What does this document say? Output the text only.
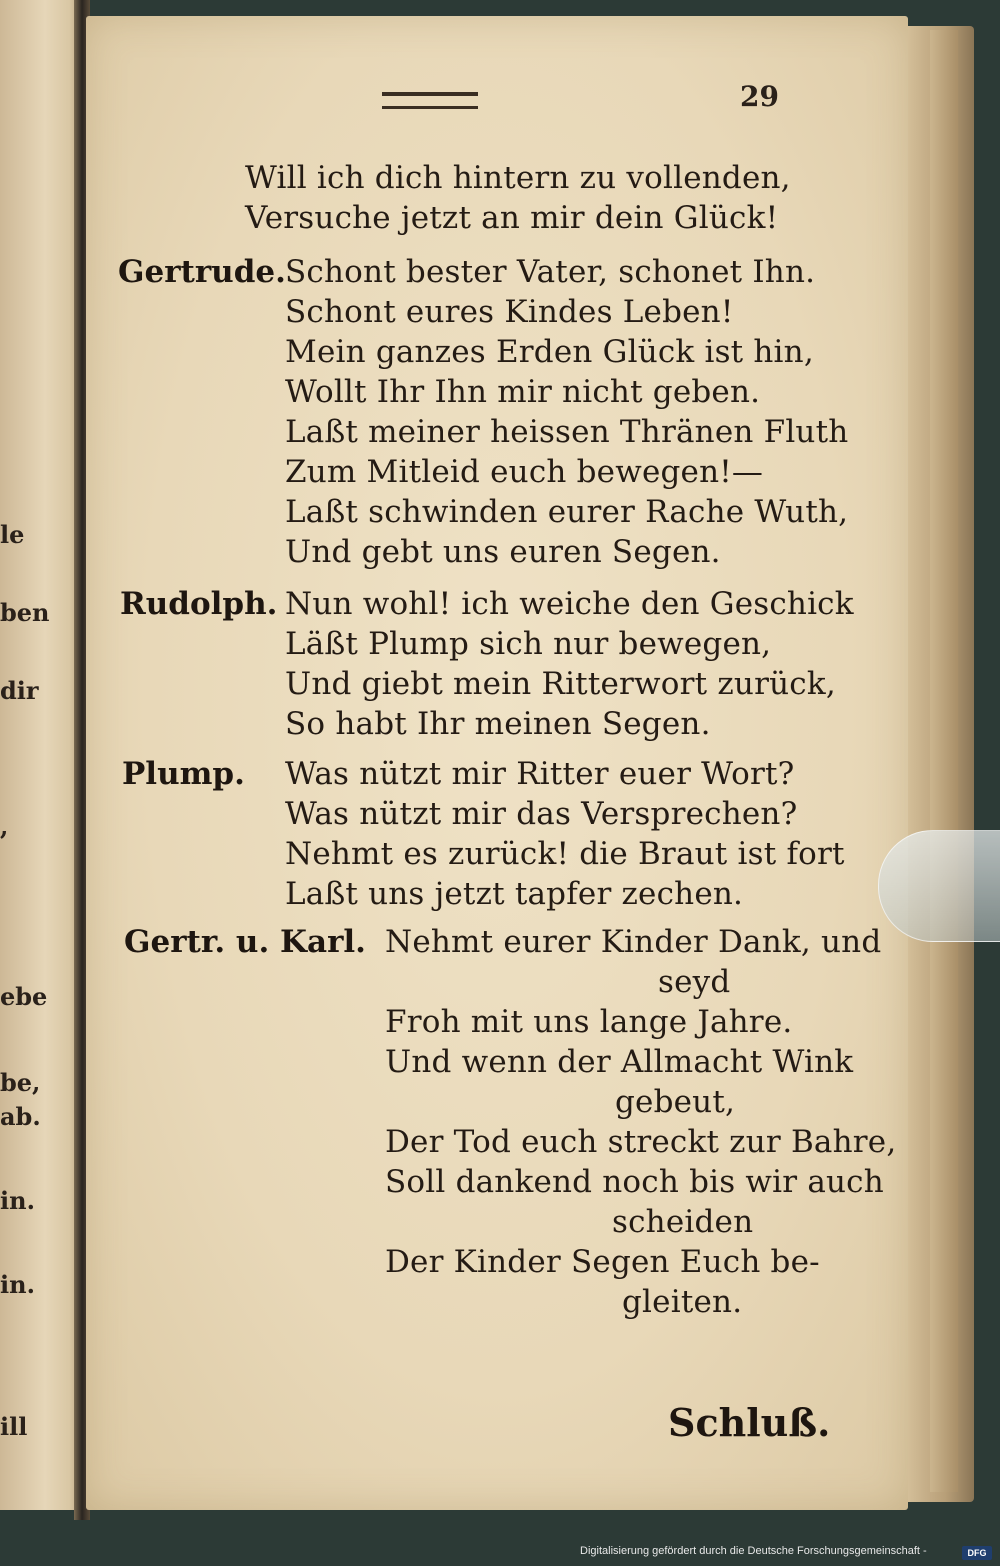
le
ben
dir
,
ebe
be,
ab.
in.
in.
ill
29
Will ich dich hintern zu vollenden,
Versuche jetzt an mir dein Glück!
Gertrude. Schont bester Vater, schonet Ihn.
Schont eures Kindes Leben!
Mein ganzes Erden Glück ist hin,
Wollt Ihr Ihn mir nicht geben.
Laßt meiner heissen Thränen Fluth
Zum Mitleid euch bewegen!—
Laßt schwinden eurer Rache Wuth,
Und gebt uns euren Segen.
Rudolph. Nun wohl! ich weiche den Geschick
Läßt Plump sich nur bewegen,
Und giebt mein Ritterwort zurück,
So habt Ihr meinen Segen.
Plump. Was nützt mir Ritter euer Wort?
Was nützt mir das Versprechen?
Nehmt es zurück! die Braut ist fort
Laßt uns jetzt tapfer zechen.
Gertr. u. Karl. Nehmt eurer Kinder Dank, und
seyd
Froh mit uns lange Jahre.
Und wenn der Allmacht Wink
gebeut,
Der Tod euch streckt zur Bahre,
Soll dankend noch bis wir auch
scheiden
Der Kinder Segen Euch be-
gleiten.
Schluß.
Digitalisierung gefördert durch die Deutsche Forschungsgemeinschaft -	DFG
